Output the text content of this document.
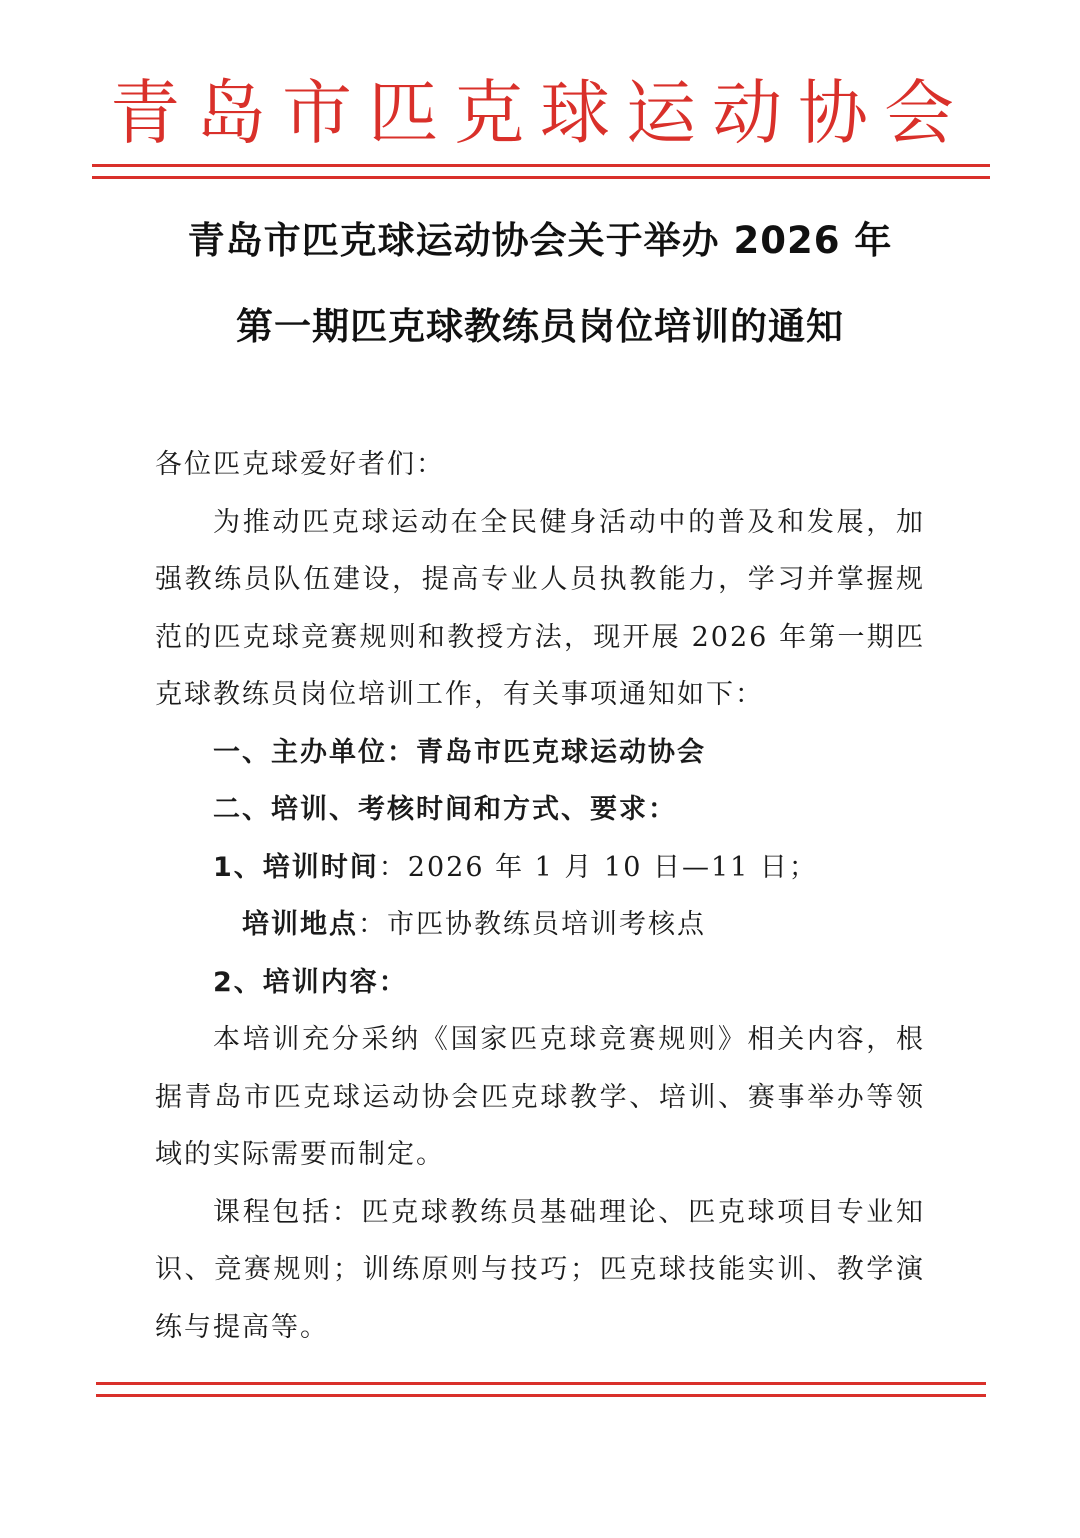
青岛市匹克球运动协会
青岛市匹克球运动协会关于举办 2026 年
第一期匹克球教练员岗位培训的通知

各位匹克球爱好者们：

为推动匹克球运动在全民健身活动中的普及和发展，加强教练员队伍建设，提高专业人员执教能力，学习并掌握规范的匹克球竞赛规则和教授方法，现开展 2026 年第一期匹克球教练员岗位培训工作，有关事项通知如下：

一、主办单位：青岛市匹克球运动协会

二、培训、考核时间和方式、要求：

1、培训时间：2026 年 1 月 10 日—11 日；

培训地点：市匹协教练员培训考核点

2、培训内容：

本培训充分采纳《国家匹克球竞赛规则》相关内容，根据青岛市匹克球运动协会匹克球教学、培训、赛事举办等领域的实际需要而制定。

课程包括：匹克球教练员基础理论、匹克球项目专业知识、竞赛规则；训练原则与技巧；匹克球技能实训、教学演练与提高等。
